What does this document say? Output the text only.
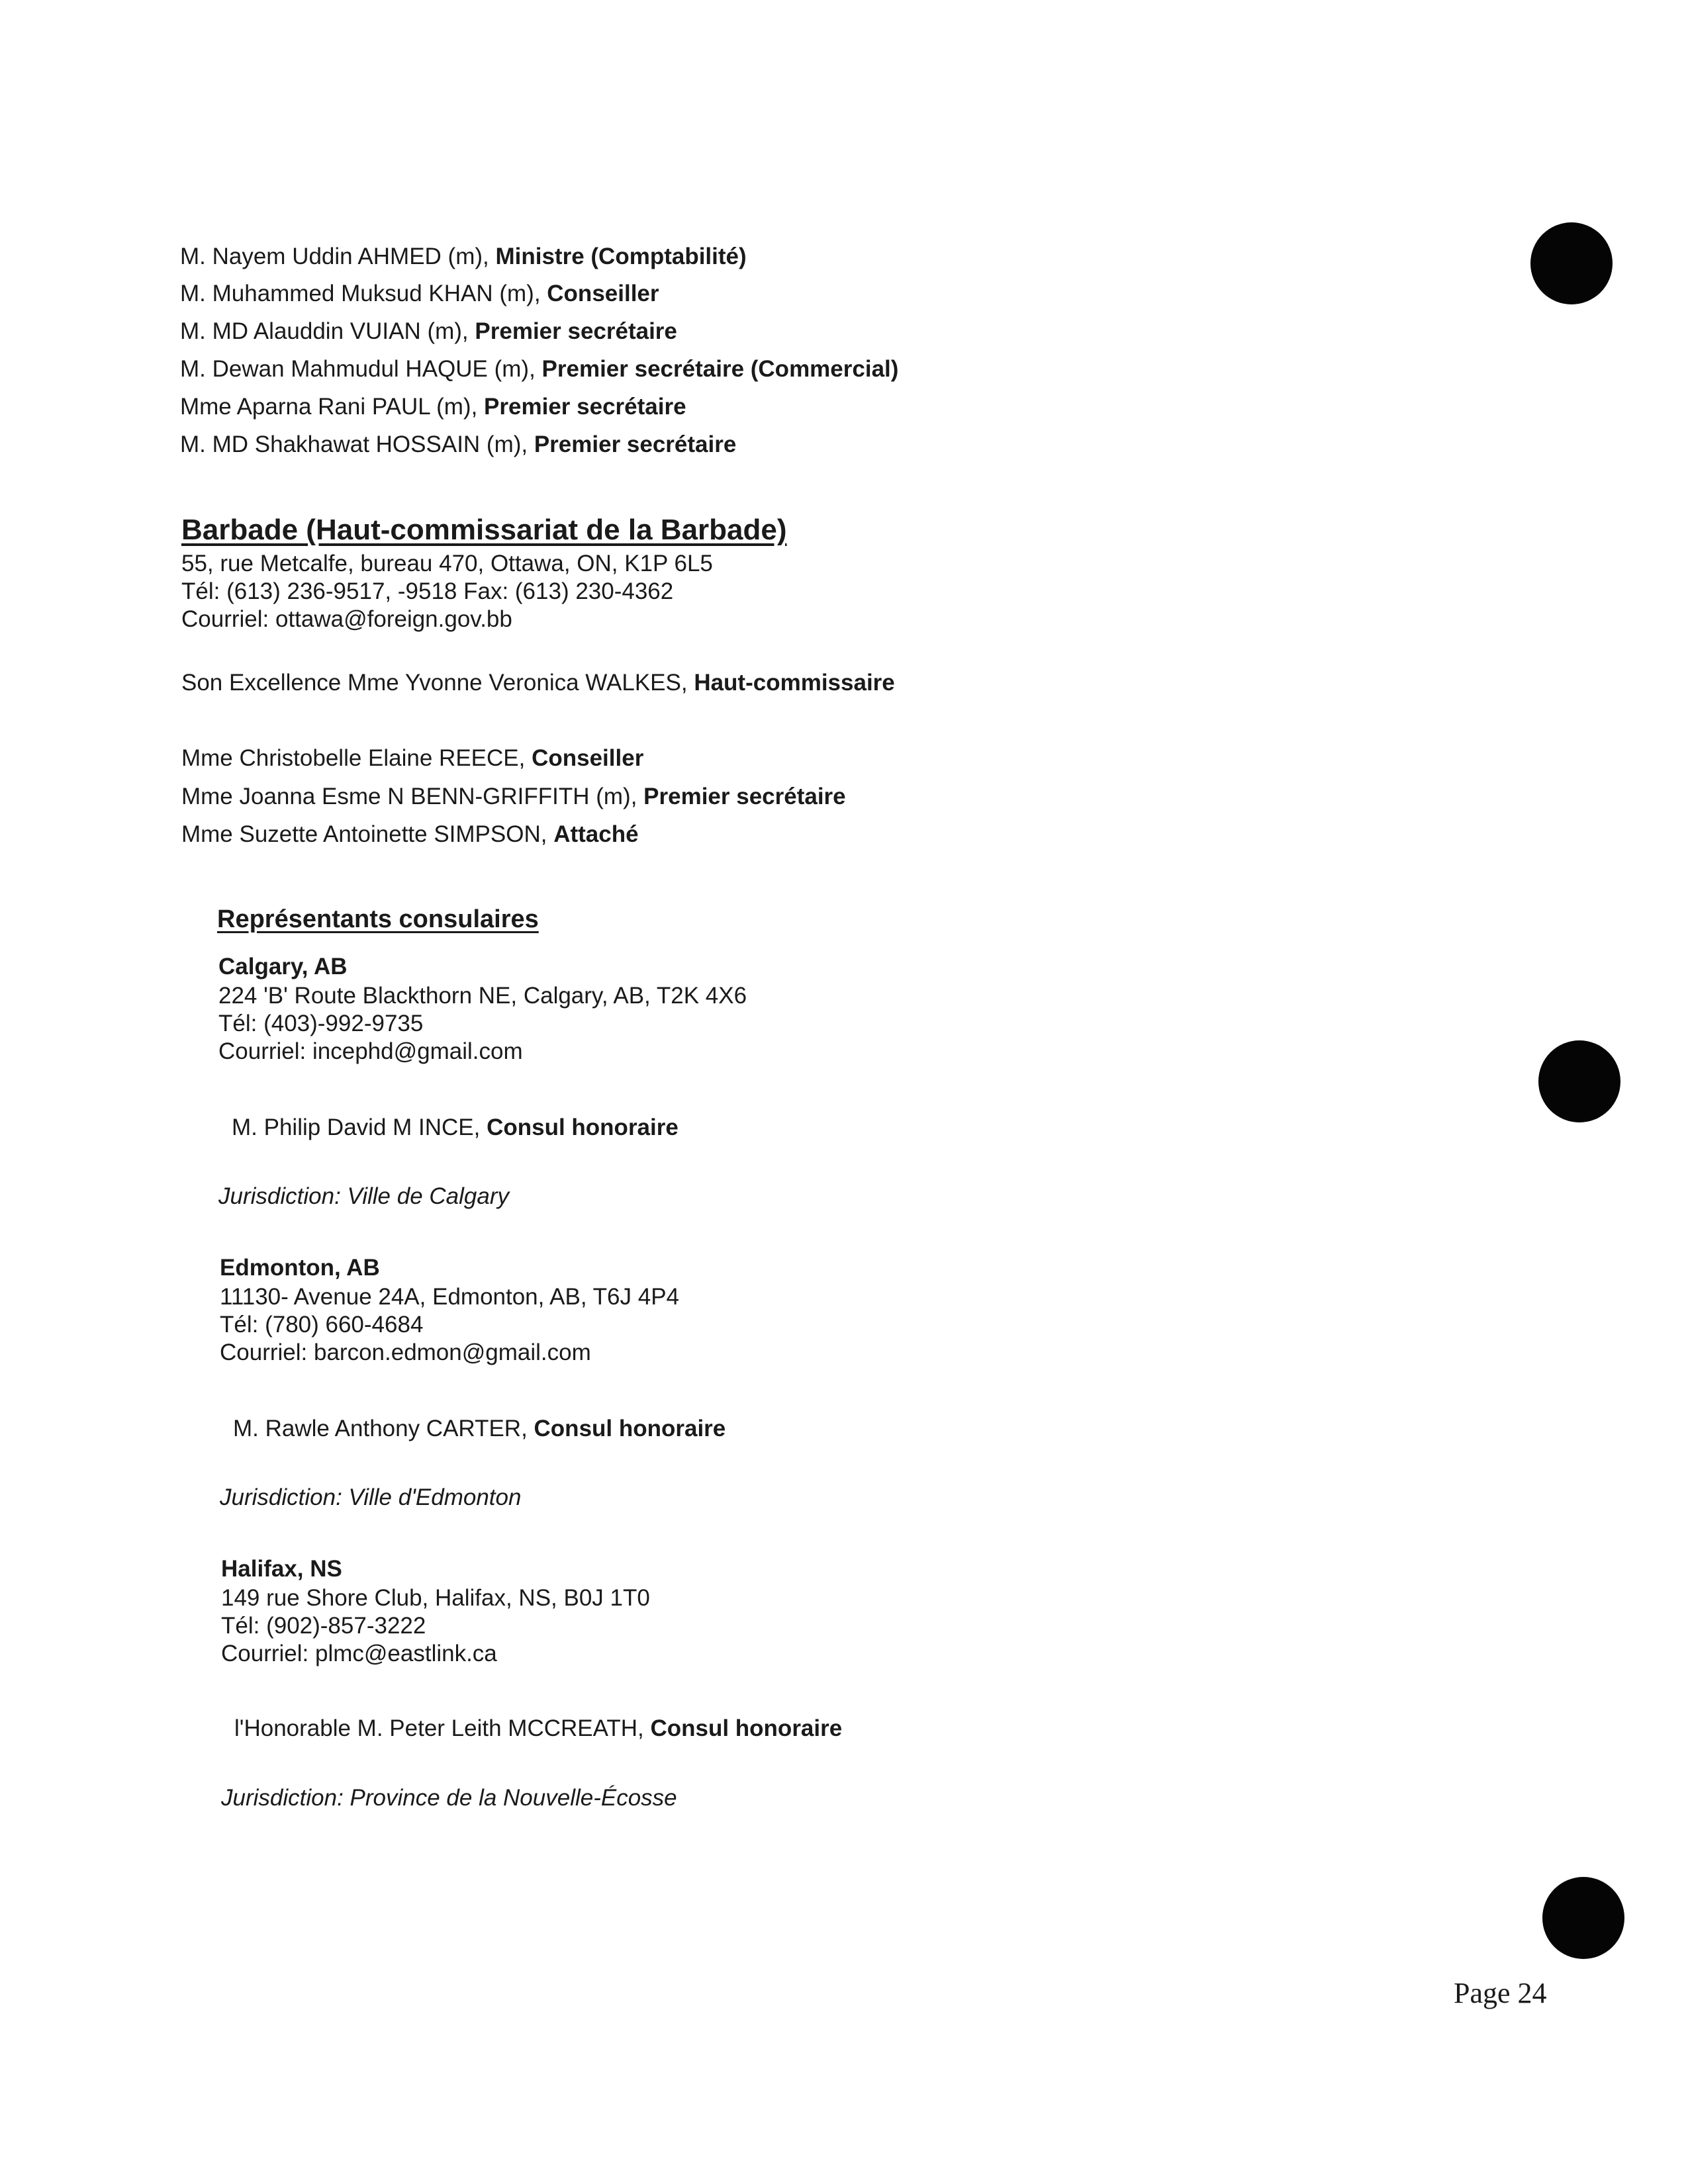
M. Nayem Uddin AHMED (m), Ministre (Comptabilité)
M. Muhammed Muksud KHAN (m), Conseiller
M. MD Alauddin VUIAN (m), Premier secrétaire
M. Dewan Mahmudul HAQUE (m), Premier secrétaire (Commercial)
Mme Aparna Rani PAUL (m), Premier secrétaire
M. MD Shakhawat HOSSAIN (m), Premier secrétaire
Barbade (Haut-commissariat de la Barbade)
55, rue Metcalfe, bureau 470, Ottawa, ON, K1P 6L5
Tél: (613) 236-9517, -9518 Fax: (613) 230-4362
Courriel: ottawa@foreign.gov.bb
Son Excellence Mme Yvonne Veronica WALKES, Haut-commissaire
Mme Christobelle Elaine REECE, Conseiller
Mme Joanna Esme N BENN-GRIFFITH (m), Premier secrétaire
Mme Suzette Antoinette SIMPSON, Attaché
Représentants consulaires
Calgary, AB
224 'B' Route Blackthorn NE, Calgary, AB, T2K 4X6
Tél: (403)-992-9735
Courriel: incephd@gmail.com
M. Philip David M INCE, Consul honoraire
Jurisdiction: Ville de Calgary
Edmonton, AB
11130- Avenue 24A, Edmonton, AB, T6J 4P4
Tél: (780) 660-4684
Courriel: barcon.edmon@gmail.com
M. Rawle Anthony CARTER, Consul honoraire
Jurisdiction: Ville d'Edmonton
Halifax, NS
149 rue Shore Club, Halifax, NS, B0J 1T0
Tél: (902)-857-3222
Courriel: plmc@eastlink.ca
l'Honorable M. Peter Leith MCCREATH, Consul honoraire
Jurisdiction: Province de la Nouvelle-Écosse
Page 24
